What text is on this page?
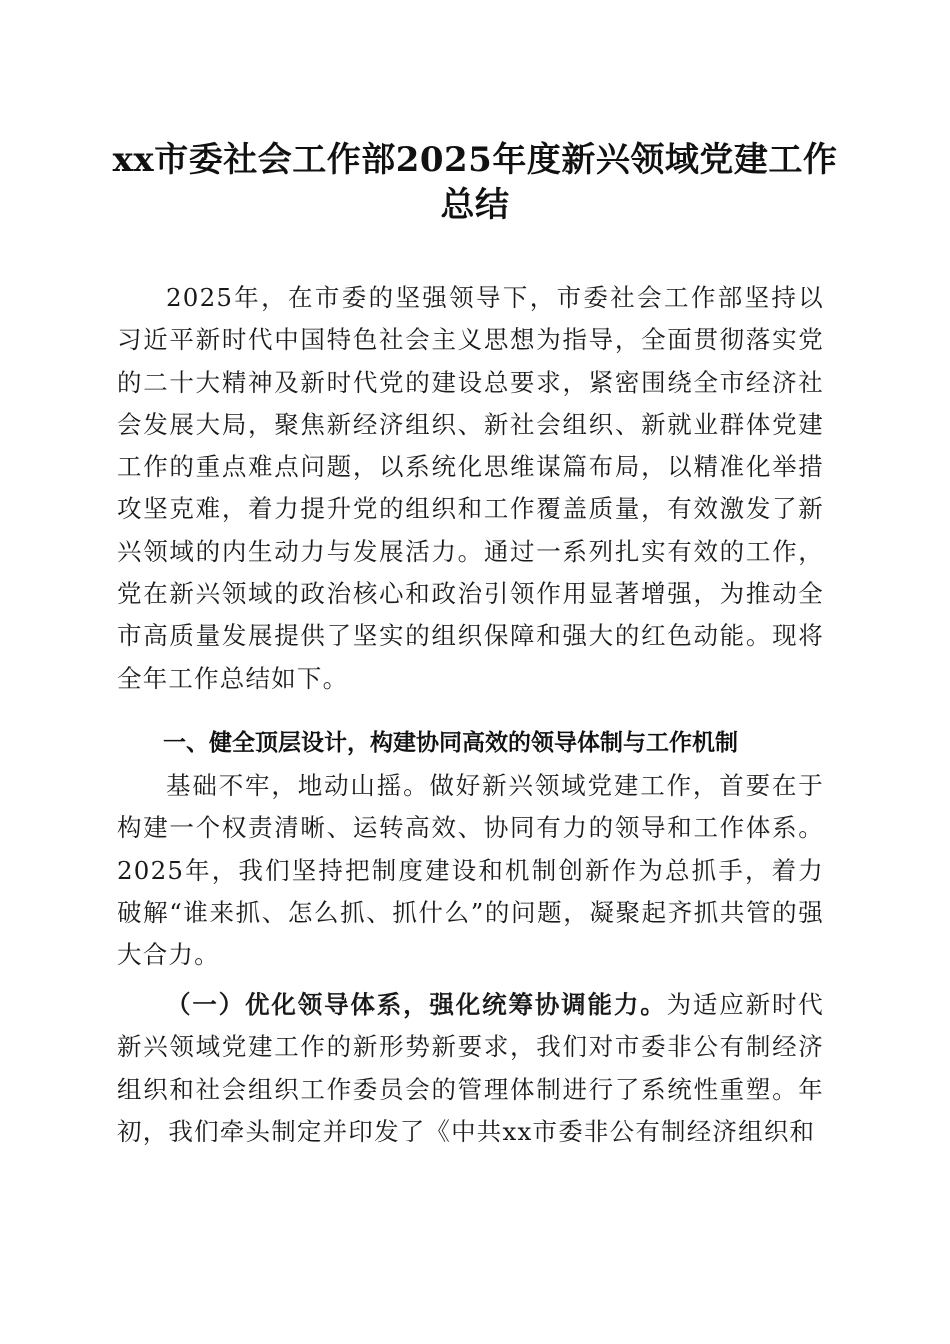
xx市委社会工作部2025年度新兴领域党建工作总结

2025年，在市委的坚强领导下，市委社会工作部坚持以习近平新时代中国特色社会主义思想为指导，全面贯彻落实党的二十大精神及新时代党的建设总要求，紧密围绕全市经济社会发展大局，聚焦新经济组织、新社会组织、新就业群体党建工作的重点难点问题，以系统化思维谋篇布局，以精准化举措攻坚克难，着力提升党的组织和工作覆盖质量，有效激发了新兴领域的内生动力与发展活力。通过一系列扎实有效的工作，党在新兴领域的政治核心和政治引领作用显著增强，为推动全市高质量发展提供了坚实的组织保障和强大的红色动能。现将全年工作总结如下。

一、健全顶层设计，构建协同高效的领导体制与工作机制

基础不牢，地动山摇。做好新兴领域党建工作，首要在于构建一个权责清晰、运转高效、协同有力的领导和工作体系。2025年，我们坚持把制度建设和机制创新作为总抓手，着力破解“谁来抓、怎么抓、抓什么”的问题，凝聚起齐抓共管的强大合力。

（一）优化领导体系，强化统筹协调能力。为适应新时代新兴领域党建工作的新形势新要求，我们对市委非公有制经济组织和社会组织工作委员会的管理体制进行了系统性重塑。年初，我们牵头制定并印发了《中共xx市委非公有制经济组织和
